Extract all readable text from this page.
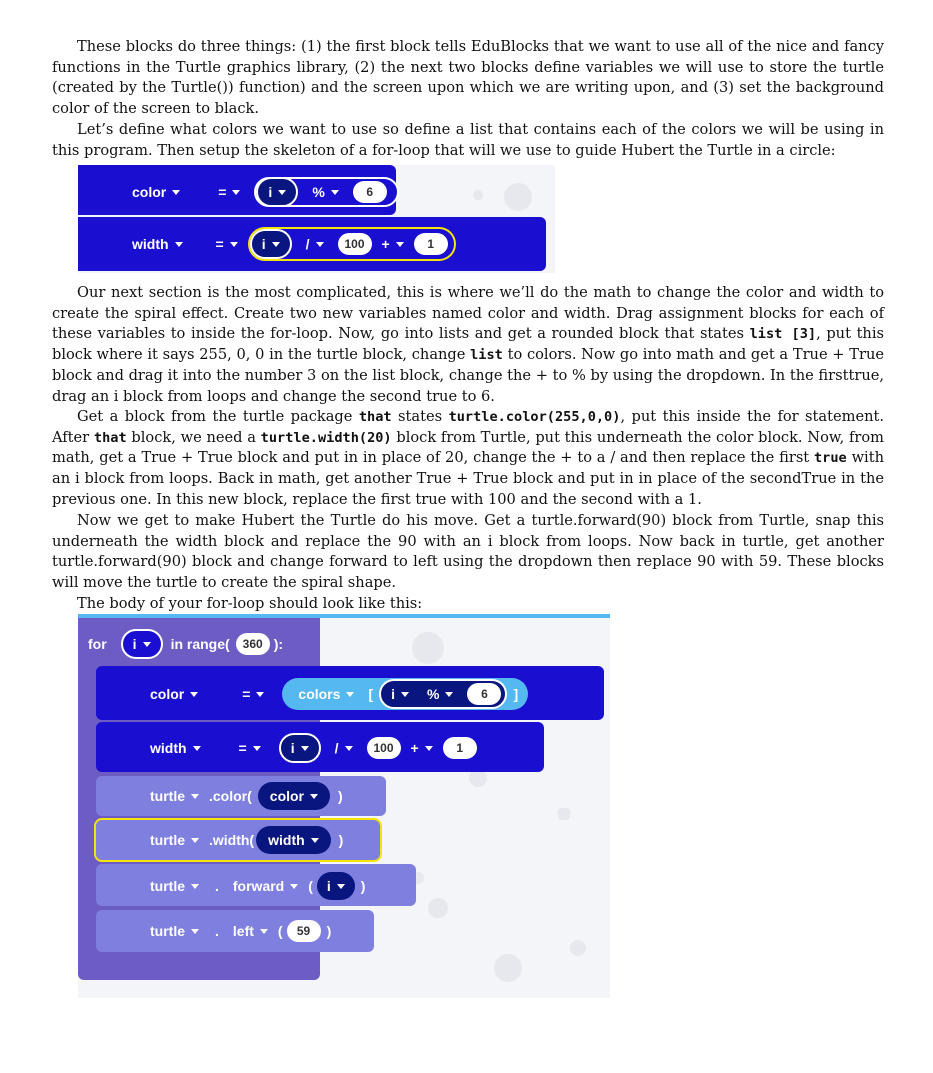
These blocks do three things: (1) the first block tells EduBlocks that we want to use all of the nice and fancy functions in the Turtle graphics library, (2) the next two blocks define variables we will use to store the turtle (created by the Turtle()) function) and the screen upon which we are writing upon, and (3) set the background color of the screen to black.

Let’s define what colors we want to use so define a list that contains each of the colors we will be using in this program. Then setup the skeleton of a for-loop that will we use to guide Hubert the Turtle in a circle:

color	=	i	%	6
width	=	i	/	100	+	1

Our next section is the most complicated, this is where we’ll do the math to change the color and width to create the spiral effect. Create two new variables named color and width. Drag assignment blocks for each of these variables to inside the for-loop. Now, go into lists and get a rounded block that states list [3], put this block where it says 255, 0, 0 in the turtle block, change list to colors. Now go into math and get a True + True block and drag it into the number 3 on the list block, change the + to % by using the dropdown. In the firsttrue, drag an i block from loops and change the second true to 6.

Get a block from the turtle package that states turtle.color(255,0,0), put this inside the for statement. After that block, we need a turtle.width(20) block from Turtle, put this underneath the color block. Now, from math, get a True + True block and put in in place of 20, change the + to a / and then replace the first true with an i block from loops. Back in math, get another True + True block and put in in place of the secondTrue in the previous one. In this new block, replace the first true with 100 and the second with a 1.

Now we get to make Hubert the Turtle do his move. Get a turtle.forward(90) block from Turtle, snap this underneath the width block and replace the 90 with an i block from loops. Now back in turtle, get another turtle.forward(90) block and change forward to left using the dropdown then replace 90 with 59. These blocks will move the turtle to create the spiral shape.

The body of your for-loop should look like this:

for i in range(	360 ):
color	=	colors [ i %	6	]
width	=	i	/	100	+	1
turtle .color( color )
turtle .width( width )
turtle . forward ( i )
turtle . left (	59	)
